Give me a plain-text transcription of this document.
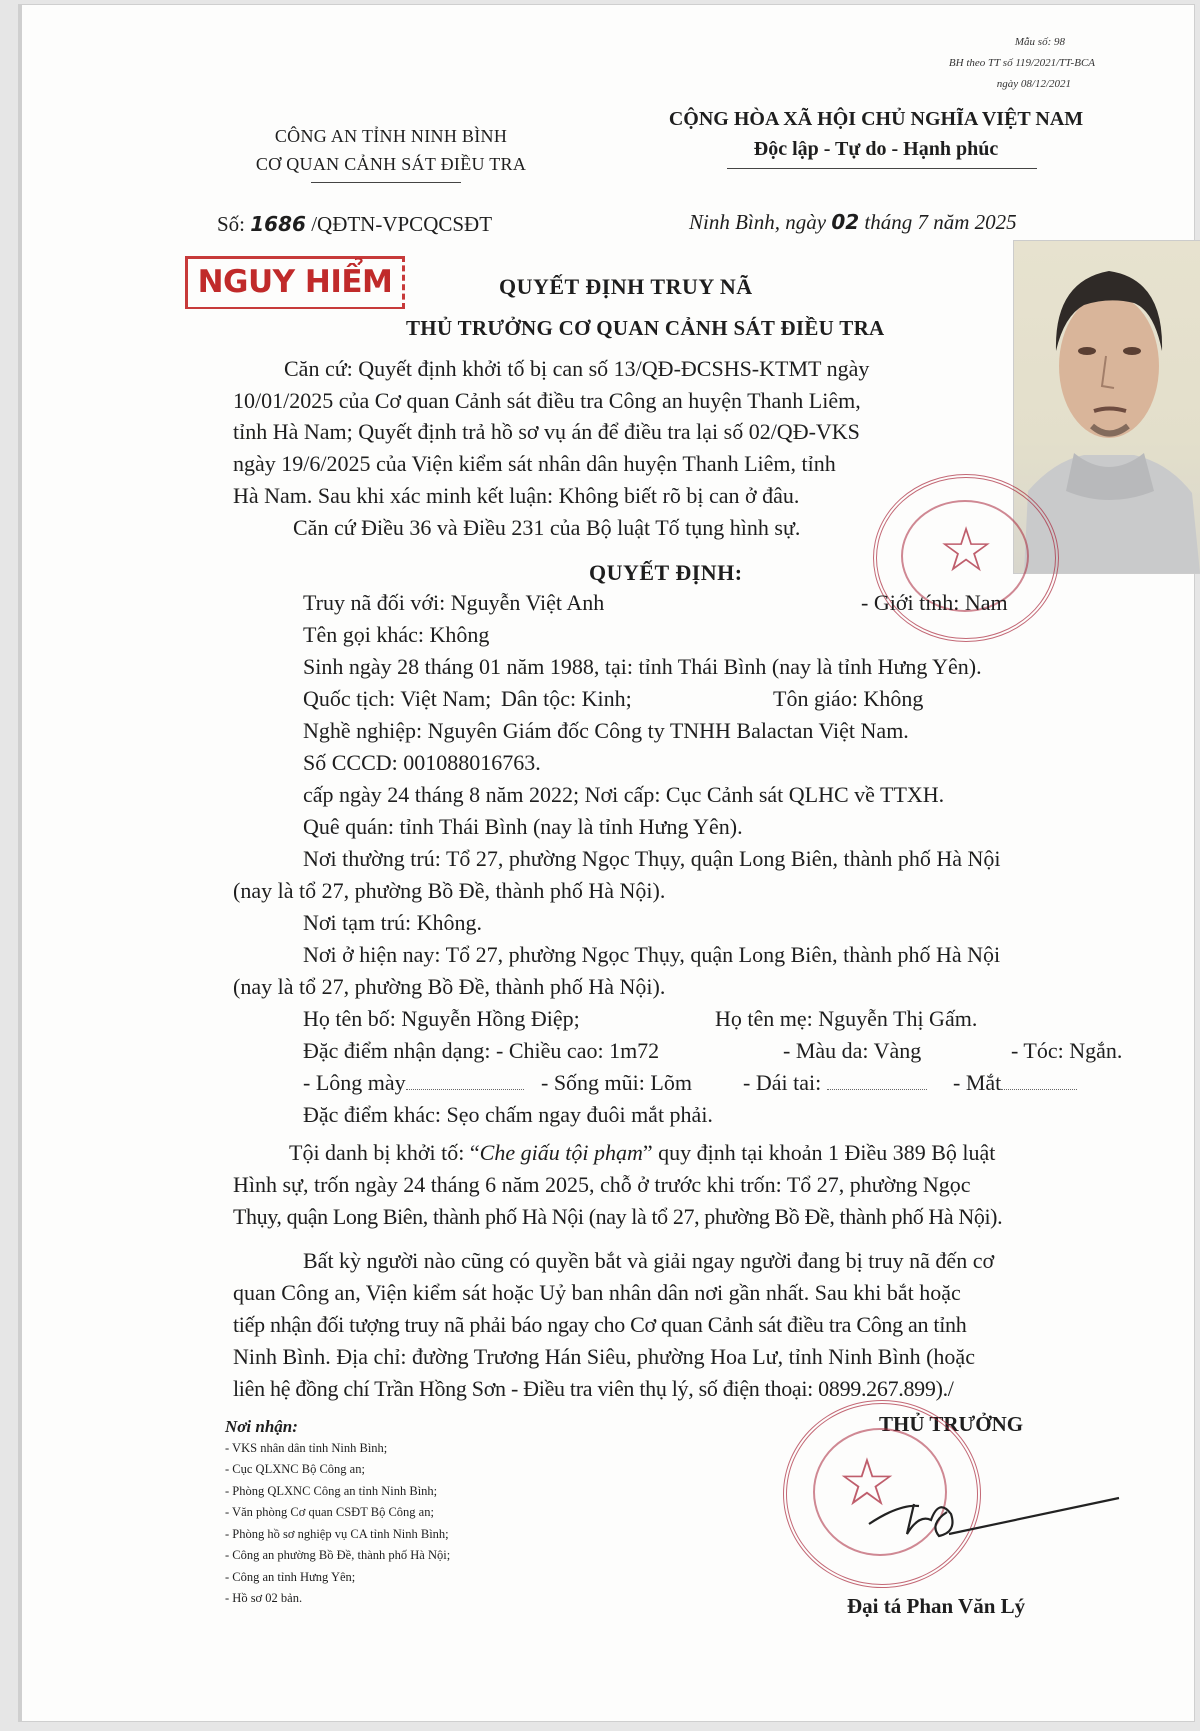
Mẫu số: 98
BH theo TT số 119/2021/TT-BCA
ngày 08/12/2021
CÔNG AN TỈNH NINH BÌNH
CƠ QUAN CẢNH SÁT ĐIỀU TRA
CỘNG HÒA XÃ HỘI CHỦ NGHĨA VIỆT NAM
Độc lập - Tự do - Hạnh phúc
Số: 1686 /QĐTN-VPCQCSĐT	Ninh Bình, ngày 02 tháng 7 năm 2025
NGUY HIỂM	QUYẾT ĐỊNH TRUY NÃ
THỦ TRƯỞNG CƠ QUAN CẢNH SÁT ĐIỀU TRA
☆
Căn cứ: Quyết định khởi tố bị can số 13/QĐ-ĐCSHS-KTMT ngày
10/01/2025 của Cơ quan Cảnh sát điều tra Công an huyện Thanh Liêm,
tỉnh Hà Nam; Quyết định trả hồ sơ vụ án để điều tra lại số 02/QĐ-VKS
ngày 19/6/2025 của Viện kiểm sát nhân dân huyện Thanh Liêm, tỉnh
Hà Nam. Sau khi xác minh kết luận: Không biết rõ bị can ở đâu.
Căn cứ Điều 36 và Điều 231 của Bộ luật Tố tụng hình sự.
QUYẾT ĐỊNH:
Truy nã đối với: Nguyễn Việt Anh	- Giới tính: Nam
Tên gọi khác: Không
Sinh ngày 28 tháng 01 năm 1988, tại: tỉnh Thái Bình (nay là tỉnh Hưng Yên).
Quốc tịch: Việt Nam; Dân tộc: Kinh;	Tôn giáo: Không
Nghề nghiệp: Nguyên Giám đốc Công ty TNHH Balactan Việt Nam.
Số CCCD: 001088016763.
cấp ngày 24 tháng 8 năm 2022; Nơi cấp: Cục Cảnh sát QLHC về TTXH.
Quê quán: tỉnh Thái Bình (nay là tỉnh Hưng Yên).
Nơi thường trú: Tổ 27, phường Ngọc Thụy, quận Long Biên, thành phố Hà Nội
(nay là tổ 27, phường Bồ Đề, thành phố Hà Nội).
Nơi tạm trú: Không.
Nơi ở hiện nay: Tổ 27, phường Ngọc Thụy, quận Long Biên, thành phố Hà Nội
(nay là tổ 27, phường Bồ Đề, thành phố Hà Nội).
Họ tên bố: Nguyễn Hồng Điệp;	Họ tên mẹ: Nguyễn Thị Gấm.
Đặc điểm nhận dạng: - Chiều cao: 1m72	- Màu da: Vàng	- Tóc: Ngắn.
- Lông mày	- Sống mũi: Lõm - Dái tai:	- Mắt
Đặc điểm khác: Sẹo chấm ngay đuôi mắt phải.
Tội danh bị khởi tố: “Che giấu tội phạm” quy định tại khoản 1 Điều 389 Bộ luật
Hình sự, trốn ngày 24 tháng 6 năm 2025, chỗ ở trước khi trốn: Tổ 27, phường Ngọc
Thụy, quận Long Biên, thành phố Hà Nội (nay là tổ 27, phường Bồ Đề, thành phố Hà Nội).
Bất kỳ người nào cũng có quyền bắt và giải ngay người đang bị truy nã đến cơ
quan Công an, Viện kiểm sát hoặc Uỷ ban nhân dân nơi gần nhất. Sau khi bắt hoặc
tiếp nhận đối tượng truy nã phải báo ngay cho Cơ quan Cảnh sát điều tra Công an tỉnh
Ninh Bình. Địa chỉ: đường Trương Hán Siêu, phường Hoa Lư, tỉnh Ninh Bình (hoặc
liên hệ đồng chí Trần Hồng Sơn - Điều tra viên thụ lý, số điện thoại: 0899.267.899)./
Nơi nhận:
- VKS nhân dân tỉnh Ninh Bình;
- Cục QLXNC Bộ Công an;
- Phòng QLXNC Công an tỉnh Ninh Bình;
- Văn phòng Cơ quan CSĐT Bộ Công an;
- Phòng hồ sơ nghiệp vụ CA tỉnh Ninh Bình;
- Công an phường Bồ Đề, thành phố Hà Nội;
- Công an tỉnh Hưng Yên;
- Hồ sơ 02 bản.
THỦ TRƯỞNG
☆
Đại tá Phan Văn Lý
